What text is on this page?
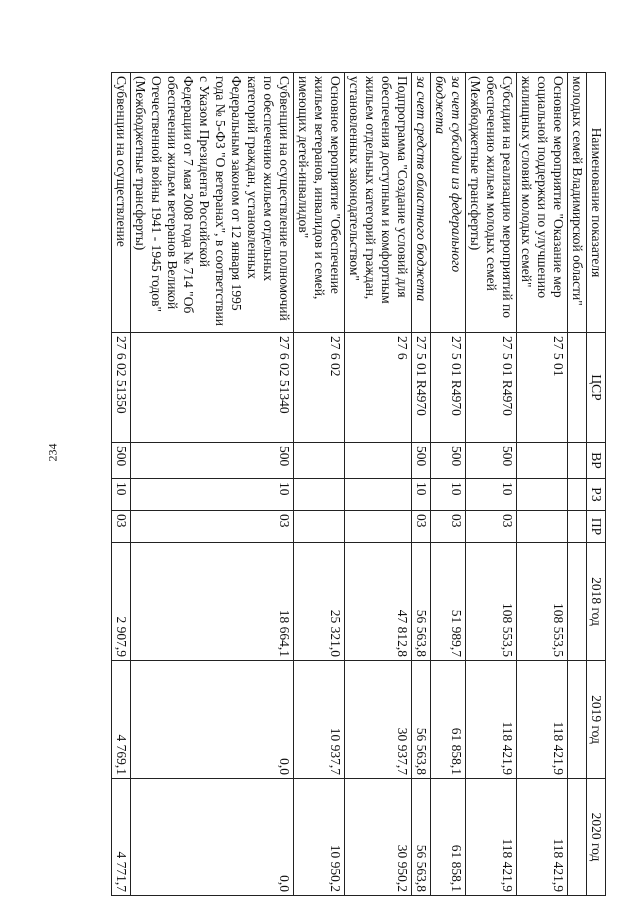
234
Наименование показателя	ЦСР	ВР	РЗ	ПР	2018 год	2019 год	2020 год
молодых семей Владимирской области"							
Основное мероприятие "Оказание мер социальной поддержки по улучшению жилищных условий молодых семей"	27 5 01				108 553,5	118 421,9	118 421,9
Субсидии на реализацию мероприятий по обеспечению жильем молодых семей (Межбюджетные трансферты)	27 5 01 R4970	500	10	03	108 553,5	118 421,9	118 421,9
за счет субсидии из федерального бюджета	27 5 01 R4970	500	10	03	51 989,7	61 858,1	61 858,1
за счет средств областного бюджета	27 5 01 R4970	500	10	03	56 563,8	56 563,8	56 563,8
Подпрограмма "Создание условий для обеспечения доступным и комфортным жильем отдельных категорий граждан, установленных законодательством"	27 6				47 812,8	30 937,7	30 950,2
Основное мероприятие "Обеспечение жильем ветеранов, инвалидов и семей, имеющих детей-инвалидов"	27 6 02				25 321,0	10 937,7	10 950,2
Субвенции на осуществление полномочий по обеспечению жильем отдельных категорий граждан, установленных Федеральным законом от 12 января 1995 года № 5-ФЗ "О ветеранах", в соответствии с Указом Президента Российской Федерации от 7 мая 2008 года № 714 "Об обеспечении жильем ветеранов Великой Отечественной войны 1941 - 1945 годов" (Межбюджетные трансферты)	27 6 02 51340	500	10	03	18 664,1	0,0	0,0
Субвенции на осуществление	27 6 02 51350	500	10	03	2 907,9	4 769,1	4 771,7
